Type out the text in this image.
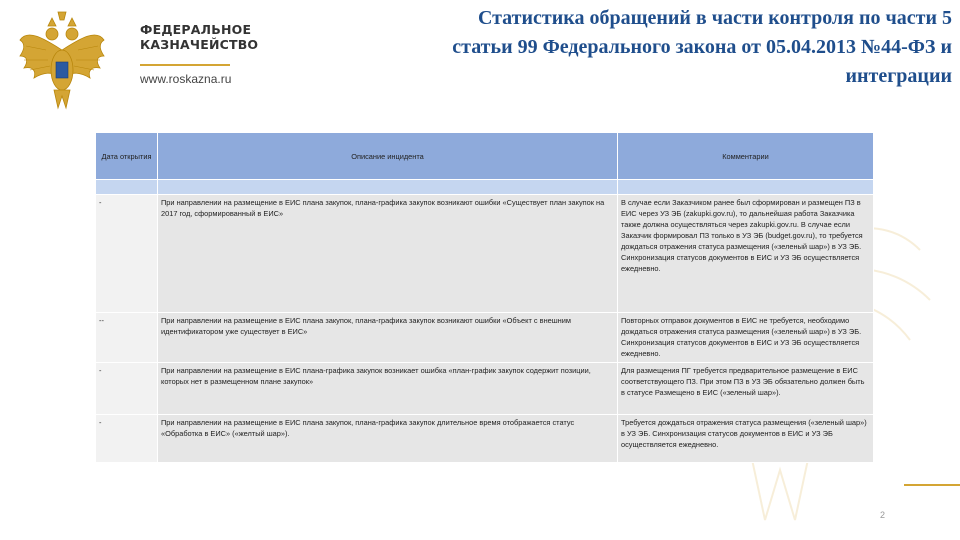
ФЕДЕРАЛЬНОЕ КАЗНАЧЕЙСТВО
www.roskazna.ru
Статистика обращений в части контроля по части 5
статьи 99 Федерального закона от 05.04.2013 №44-ФЗ и
интеграции
Дата открытия	Описание инцидента	Комментарии

-	При направлении на размещение в ЕИС плана закупок, плана-графика закупок возникают ошибки «Существует план закупок на 2017 год, сформированный в ЕИС»	В случае если Заказчиком ранее был сформирован и размещен ПЗ в ЕИС через УЗ ЭБ (zakupki.gov.ru), то дальнейшая работа Заказчика также должна осуществляться через zakupki.gov.ru. В случае если Заказчик формировал ПЗ только в УЗ ЭБ (budget.gov.ru), то требуется дождаться отражения статуса размещения («зеленый шар») в УЗ ЭБ. Синхронизация статусов документов в ЕИС и УЗ ЭБ осуществляется ежедневно.
--	При направлении на размещение в ЕИС плана закупок, плана-графика закупок возникают ошибки «Объект с внешним идентификатором уже существует в ЕИС»	Повторных отправок документов в ЕИС не требуется, необходимо дождаться отражения статуса размещения («зеленый шар») в УЗ ЭБ. Синхронизация статусов документов в ЕИС и УЗ ЭБ осуществляется ежедневно.
-	При направлении на размещение в ЕИС плана-графика закупок возникает ошибка «план-график закупок содержит позиции, которых нет в размещенном плане закупок»	Для размещения ПГ требуется предварительное размещение в ЕИС соответствующего ПЗ. При этом ПЗ в УЗ ЭБ обязательно должен быть в статусе Размещено в ЕИС («зеленый шар»).
-	При направлении на размещение в ЕИС плана закупок, плана-графика закупок длительное время отображается статус «Обработка в ЕИС» («желтый шар»).	Требуется дождаться отражения статуса размещения («зеленый шар») в УЗ ЭБ. Синхронизация статусов документов в ЕИС и УЗ ЭБ осуществляется ежедневно.
2
